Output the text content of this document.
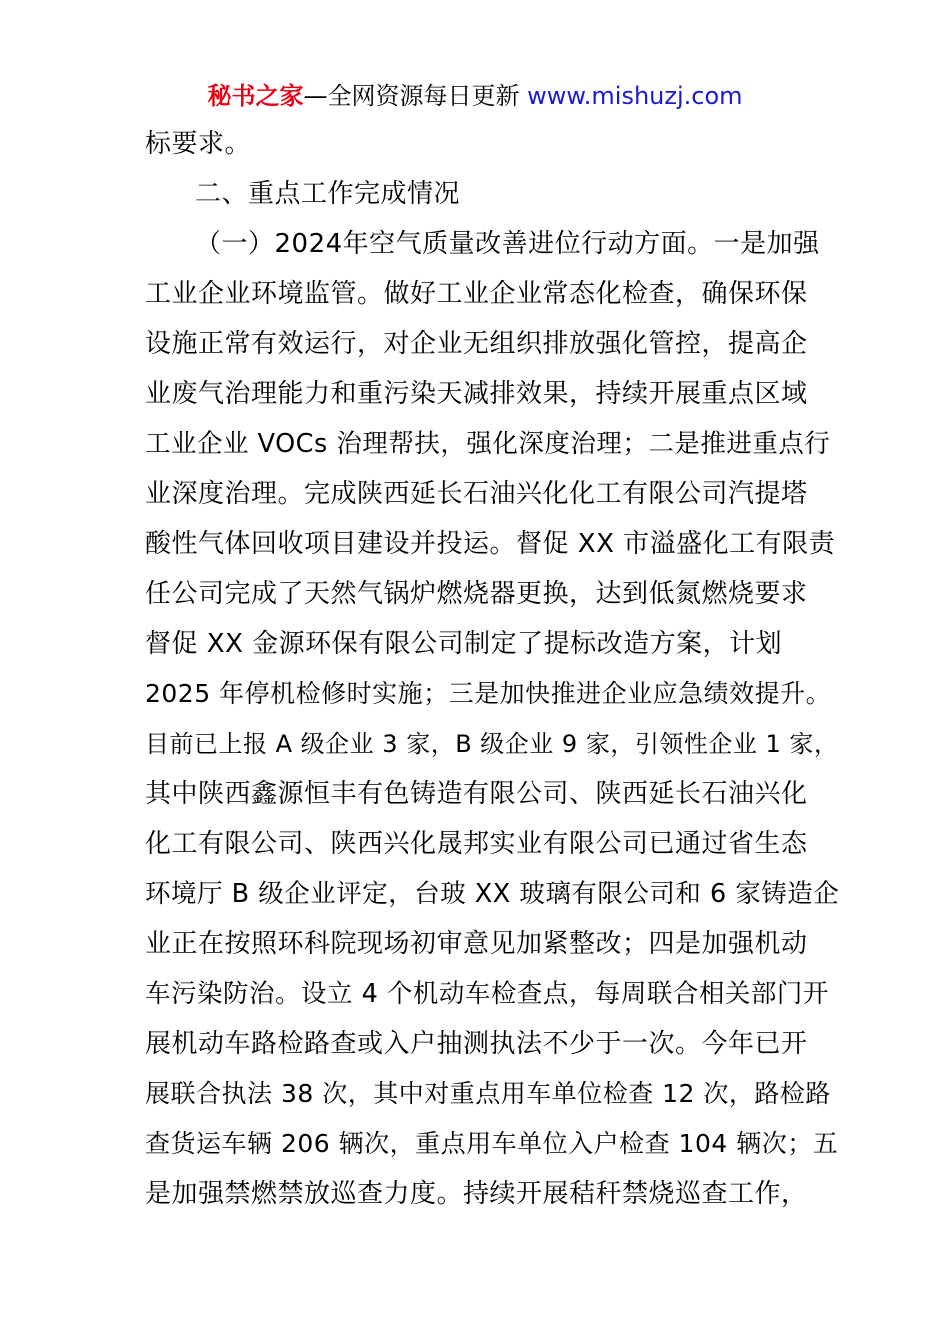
秘书之家—全网资源每日更新 www.mishuzj.com
标要求。
二、重点工作完成情况
（一）2024年空气质量改善进位行动方面。一是加强
工业企业环境监管。做好工业企业常态化检查，确保环保
设施正常有效运行，对企业无组织排放强化管控，提高企
业废气治理能力和重污染天减排效果，持续开展重点区域
工业企业 VOCs 治理帮扶，强化深度治理；二是推进重点行
业深度治理。完成陕西延长石油兴化化工有限公司汽提塔
酸性气体回收项目建设并投运。督促 XX 市溢盛化工有限责
任公司完成了天然气锅炉燃烧器更换，达到低氮燃烧要求
督促 XX 金源环保有限公司制定了提标改造方案，计划
2025 年停机检修时实施；三是加快推进企业应急绩效提升。
目前已上报 A 级企业 3 家，B 级企业 9 家，引领性企业 1 家，
其中陕西鑫源恒丰有色铸造有限公司、陕西延长石油兴化
化工有限公司、陕西兴化晟邦实业有限公司已通过省生态
环境厅 B 级企业评定，台玻 XX 玻璃有限公司和 6 家铸造企
业正在按照环科院现场初审意见加紧整改；四是加强机动
车污染防治。设立 4 个机动车检查点，每周联合相关部门开
展机动车路检路查或入户抽测执法不少于一次。今年已开
展联合执法 38 次，其中对重点用车单位检查 12 次，路检路
查货运车辆 206 辆次，重点用车单位入户检查 104 辆次；五
是加强禁燃禁放巡查力度。持续开展秸秆禁烧巡查工作，
